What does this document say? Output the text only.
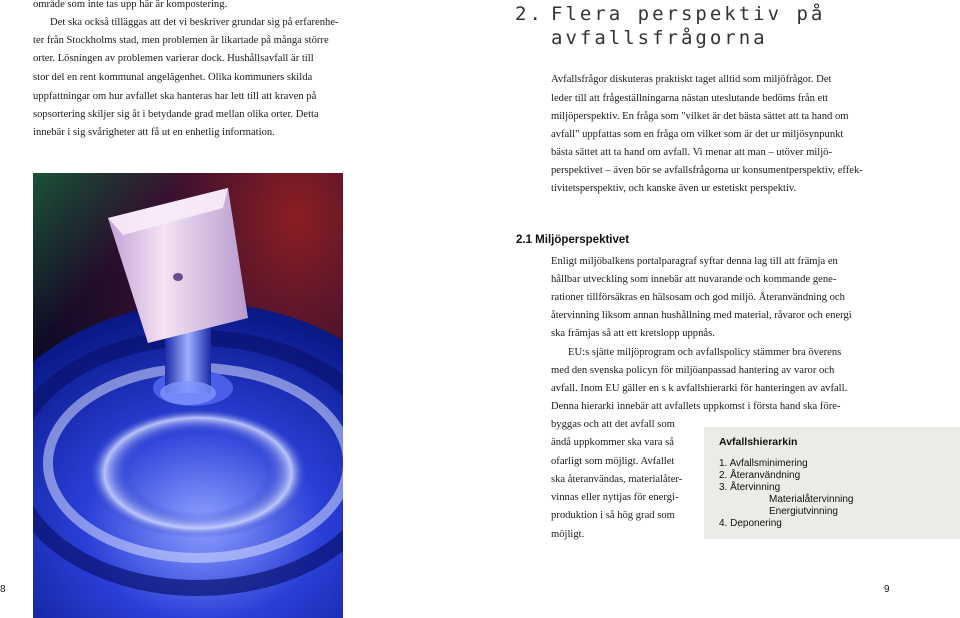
område som inte tas upp här är kompostering.
Det ska också tilläggas att det vi beskriver grundar sig på erfarenhe-
ter från Stockholms stad, men problemen är likartade på många större
orter. Lösningen av problemen varierar dock. Hushållsavfall är till
stor del en rent kommunal angelägenhet. Olika kommuners skilda
uppfattningar om hur avfallet ska hanteras har lett till att kraven på
sopsortering skiljer sig åt i betydande grad mellan olika orter. Detta
innebär i sig svårigheter att få ut en enhetlig information.
8
2. Flera perspektiv på
avfallsfrågorna
Avfallsfrågor diskuteras praktiskt taget alltid som miljöfrågor. Det
leder till att frågeställningarna nästan uteslutande bedöms från ett
miljöperspektiv. En fråga som "vilket är det bästa sättet att ta hand om
avfall" uppfattas som en fråga om vilket som är det ur miljösynpunkt
bästa sättet att ta hand om avfall. Vi menar att man – utöver miljö-
perspektivet – även bör se avfallsfrågorna ur konsumentperspektiv, effek-
tivitetsperspektiv, och kanske även ur estetiskt perspektiv.
2.1 Miljöperspektivet
Enligt miljöbalkens portalparagraf syftar denna lag till att främja en
hållbar utveckling som innebär att nuvarande och kommande gene-
rationer tillförsäkras en hälsosam och god miljö. Återanvändning och
återvinning liksom annan hushållning med material, råvaror och energi
ska främjas så att ett kretslopp uppnås.
EU:s sjätte miljöprogram och avfallspolicy stämmer bra överens
med den svenska policyn för miljöanpassad hantering av varor och
avfall. Inom EU gäller en s k avfallshierarki för hanteringen av avfall.
Denna hierarki innebär att avfallets uppkomst i första hand ska före-
byggas och att det avfall som
ändå uppkommer ska vara så
ofarligt som möjligt. Avfallet
ska återanvändas, materialåter-
vinnas eller nyttjas för energi-
produktion i så hög grad som
möjligt.
Avfallshierarkin
1. Avfallsminimering
2. Återanvändning
3. Återvinning
Materialåtervinning
Energiutvinning
4. Deponering
9
